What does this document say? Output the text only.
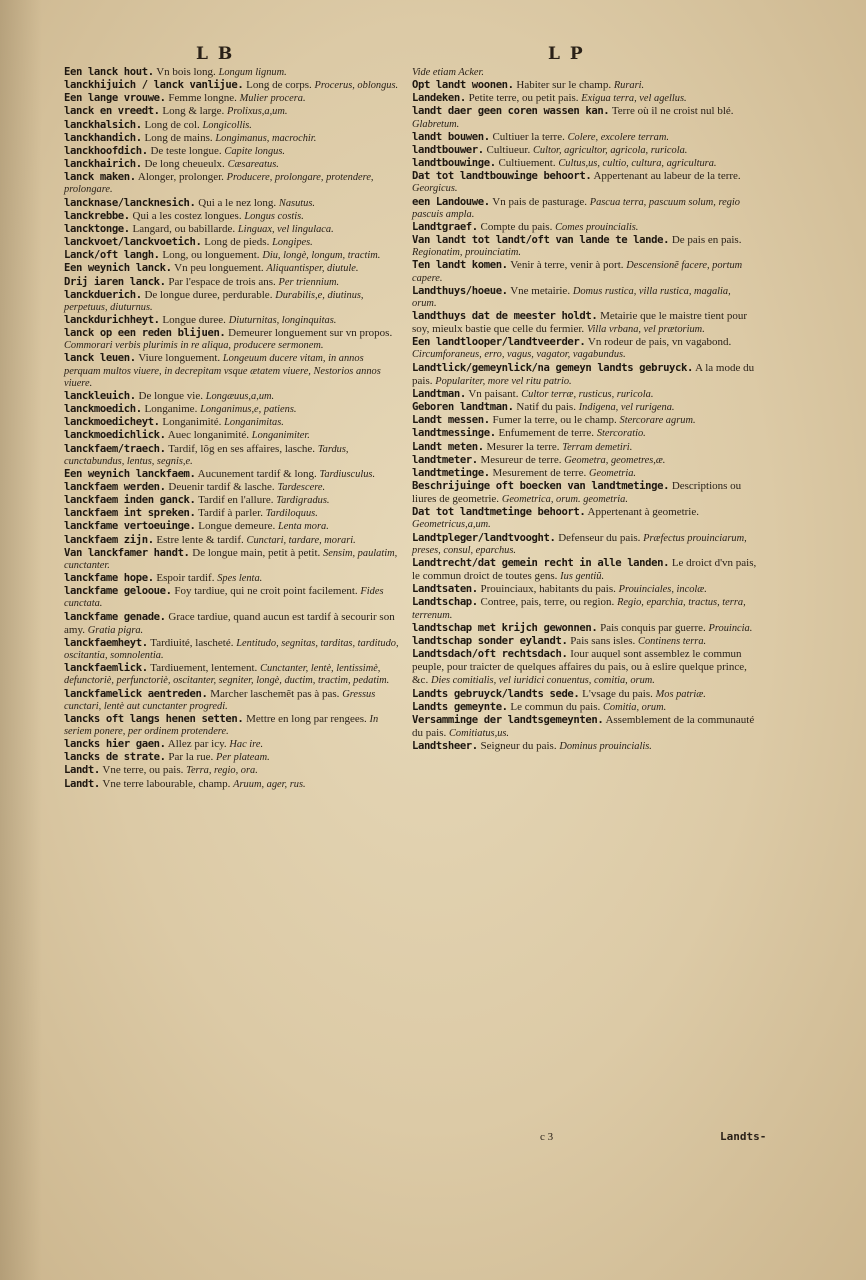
L B	L P

Een lanck hout. Vn bois long. Longum lignum.

lanckhijuich / lanck vanlijue. Long de corps. Procerus, oblongus.

Een lange vrouwe. Femme longne. Mulier procera.

lanck en vreedt. Long & large. Prolixus,a,um.

lanckhalsich. Long de col. Longicollis.

lanckhandich. Long de mains. Longimanus, macrochir.

lanckhoofdich. De teste longue. Capite longus.

lanckhairich. De long cheueulx. Cæsareatus.

lanck maken. Alonger, prolonger. Producere, prolongare, protendere, prolongare.

lancknase/lancknesich. Qui a le nez long. Nasutus.

lanckrebbe. Qui a les costez longues. Longus costis.

lancktonge. Langard, ou babillarde. Linguax, vel lingulaca.

lanckvoet/lanckvoetich. Long de pieds. Longipes.

Lanck/oft langh. Long, ou longuement. Diu, longè, longum, tractim.

Een weynich lanck. Vn peu longuement. Aliquantisper, diutule.

Drij iaren lanck. Par l'espace de trois ans. Per triennium.

lanckduerich. De longue duree, perdurable. Durabilis,e, diutinus, perpetuus, diuturnus.

lanckdurichheyt. Longue duree. Diuturnitas, longinquitas.

lanck op een reden blijuen. Demeurer longuement sur vn propos. Commorari verbis plurimis in re aliqua, producere sermonem.

lanck leuen. Viure longuement. Longeuum ducere vitam, in annos perquam multos viuere, in decrepitam vsque ætatem viuere, Nestorios annos viuere.

lanckleuich. De longue vie. Longæuus,a,um.

lanckmoedich. Longanime. Longanimus,e, patiens.

lanckmoedicheyt. Longanimité. Longanimitas.

lanckmoedichlick. Auec longanimité. Longanimiter.

lanckfaem/traech. Tardif, lõg en ses affaires, lasche. Tardus, cunctabundus, lentus, segnis,e.

Een weynich lanckfaem. Aucunement tardif & long. Tardiusculus.

lanckfaem werden. Deuenir tardif & lasche. Tardescere.

lanckfaem inden ganck. Tardif en l'allure. Tardigradus.

lanckfaem int spreken. Tardif à parler. Tardiloquus.

lanckfame vertoeuinge. Longue demeure. Lenta mora.

lanckfaem zijn. Estre lente & tardif. Cunctari, tardare, morari.

Van lanckfamer handt. De longue main, petit à petit. Sensim, paulatim, cunctanter.

lanckfame hope. Espoir tardif. Spes lenta.

lanckfame gelooue. Foy tardiue, qui ne croit point facilement. Fides cunctata.

lanckfame genade. Grace tardiue, quand aucun est tardif à secourir son amy. Gratia pigra.

lanckfaemheyt. Tardiuité, lascheté. Lentitudo, segnitas, tarditas, tarditudo, oscitantia, somnolentia.

lanckfaemlick. Tardiuement, lentement. Cunctanter, lentè, lentissimè, defunctoriè, perfunctoriè, oscitanter, segniter, longè, ductim, tractim, pedatim.

lanckfamelick aentreden. Marcher laschemẽt pas à pas. Gressus cunctari, lentè aut cunctanter progredi.

lancks oft langs henen setten. Mettre en long par rengees. In seriem ponere, per ordinem protendere.

lancks hier gaen. Allez par icy. Hac ire.

lancks de strate. Par la rue. Per plateam.

Landt. Vne terre, ou pais. Terra, regio, ora.

Landt. Vne terre labourable, champ. Aruum, ager, rus.

Vide etiam Acker.

Opt landt woonen. Habiter sur le champ. Rurari.

Landeken. Petite terre, ou petit pais. Exigua terra, vel agellus.

landt daer geen coren wassen kan. Terre où il ne croist nul blé. Glabretum.

landt bouwen. Cultiuer la terre. Colere, excolere terram.

landtbouwer. Cultiueur. Cultor, agricultor, agricola, ruricola.

landtbouwinge. Cultiuement. Cultus,us, cultio, cultura, agricultura.

Dat tot landtbouwinge behoort. Appertenant au labeur de la terre. Georgicus.

een Landouwe. Vn pais de pasturage. Pascua terra, pascuum solum, regio pascuis ampla.

Landtgraef. Compte du pais. Comes prouincialis.

Van landt tot landt/oft van lande te lande. De pais en pais. Regionatim, prouinciatim.

Ten landt komen. Venir à terre, venir à port. Descensionẽ facere, portum capere.

Landthuys/hoeue. Vne metairie. Domus rustica, villa rustica, magalia, orum.

landthuys dat de meester holdt. Metairie que le maistre tient pour soy, mieulx bastie que celle du fermier. Villa vrbana, vel prætorium.

Een landtlooper/landtveerder. Vn rodeur de pais, vn vagabond. Circumforaneus, erro, vagus, vagator, vagabundus.

Landtlick/gemeynlick/na gemeyn landts gebruyck. A la mode du pais. Populariter, more vel ritu patrio.

Landtman. Vn paisant. Cultor terræ, rusticus, ruricola.

Geboren landtman. Natif du pais. Indigena, vel rurigena.

Landt messen. Fumer la terre, ou le champ. Stercorare agrum.

landtmessinge. Enfumement de terre. Stercoratio.

Landt meten. Mesurer la terre. Terram demetiri.

landtmeter. Mesureur de terre. Geometra, geometres,æ.

landtmetinge. Mesurement de terre. Geometria.

Beschrijuinge oft boecken van landtmetinge. Descriptions ou liures de geometrie. Geometrica, orum. geometria.

Dat tot landtmetinge behoort. Appertenant à geometrie. Geometricus,a,um.

Landtpleger/landtvooght. Defenseur du pais. Præfectus prouinciarum, preses, consul, eparchus.

Landtrecht/dat gemein recht in alle landen. Le droict d'vn pais, le commun droict de toutes gens. Ius gentiũ.

Landtsaten. Prouinciaux, habitants du pais. Prouinciales, incolæ.

Landtschap. Contree, pais, terre, ou region. Regio, eparchia, tractus, terra, terrenum.

landtschap met krijch gewonnen. Pais conquis par guerre. Prouincia.

landtschap sonder eylandt. Pais sans isles. Continens terra.

Landtsdach/oft rechtsdach. Iour auquel sont assemblez le commun peuple, pour traicter de quelques affaires du pais, ou à eslire quelque prince, &c. Dies comitialis, vel iuridici conuentus, comitia, orum.

Landts gebruyck/landts sede. L'vsage du pais. Mos patriæ.

Landts gemeynte. Le commun du pais. Comitia, orum.

Versamminge der landtsgemeynten. Assemblement de la communauté du pais. Comitiatus,us.

Landtsheer. Seigneur du pais. Dominus prouincialis.

c 3	Landts-
